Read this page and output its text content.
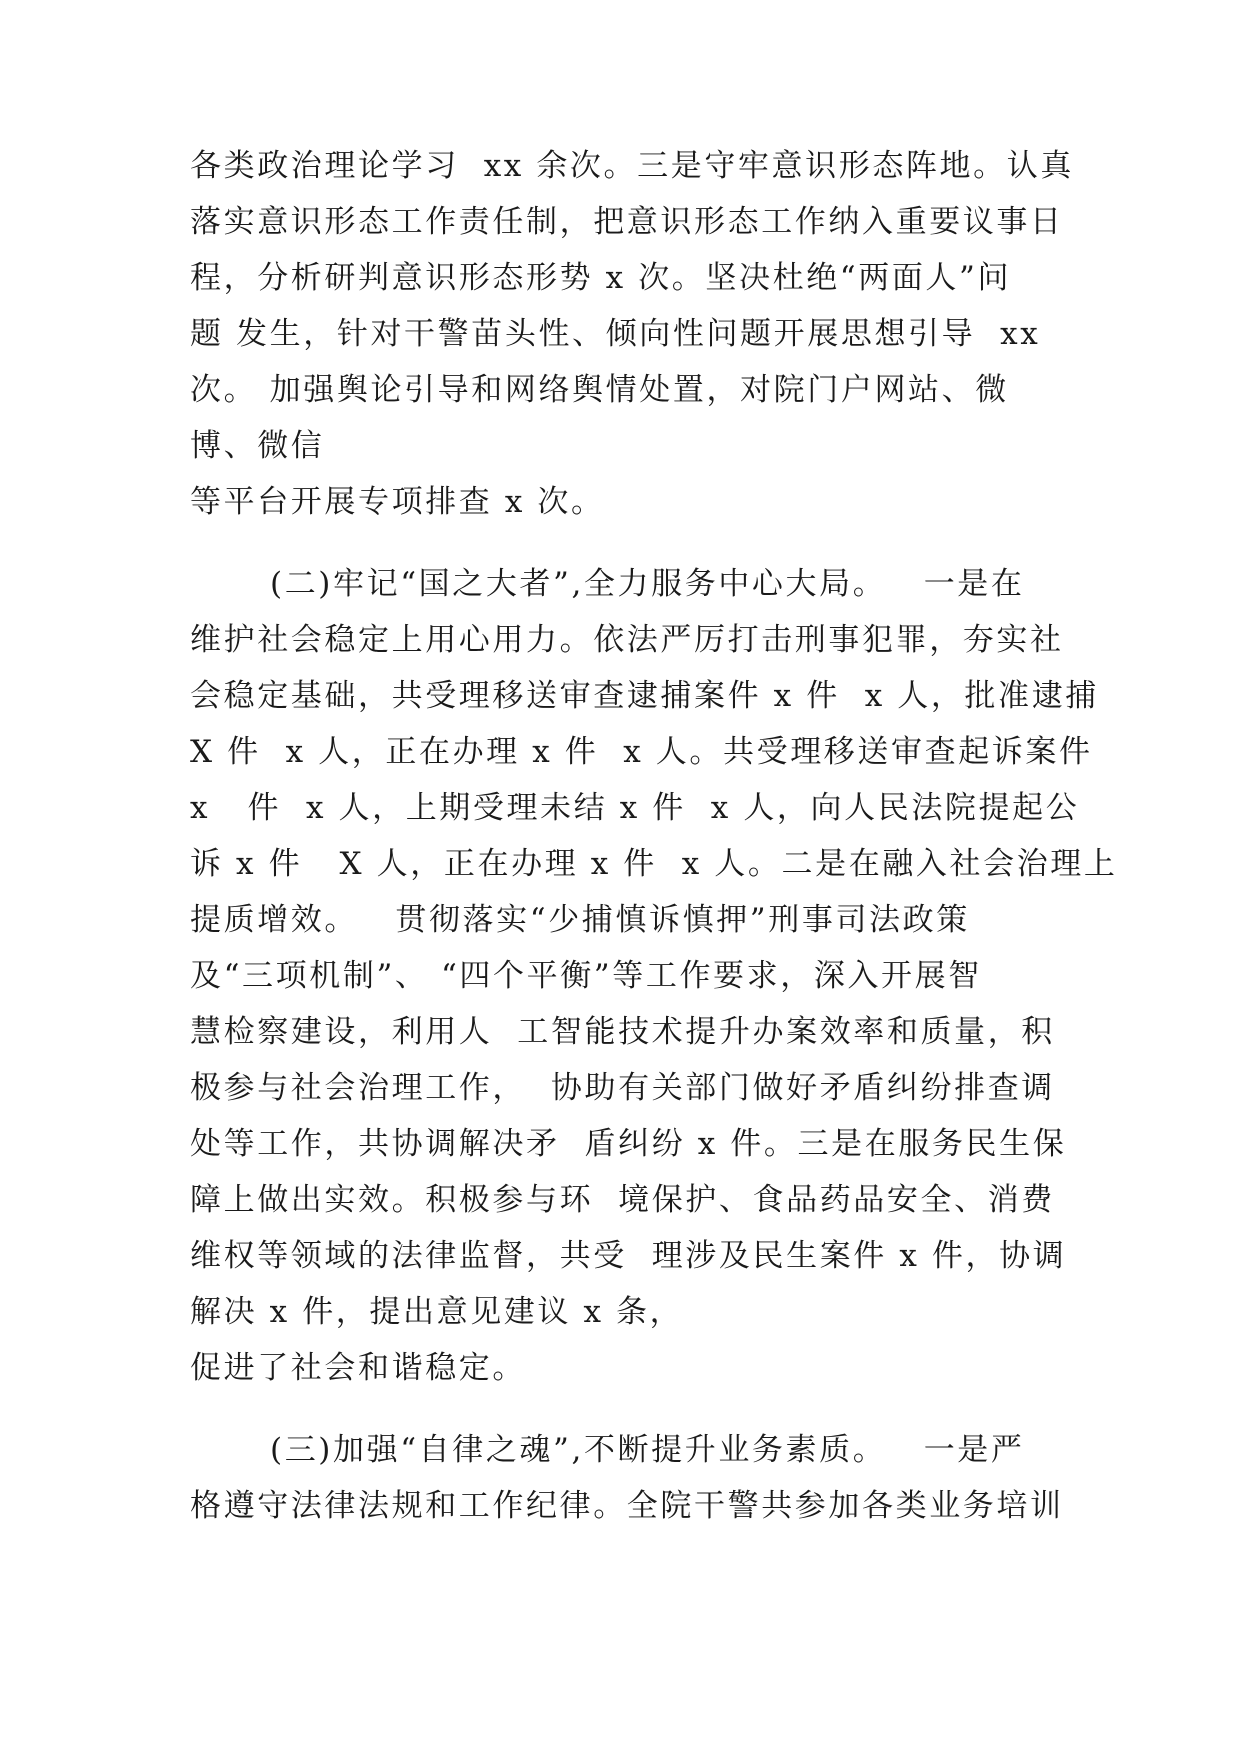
各类政治理论学习  xx 余次。三是守牢意识形态阵地。认真

落实意识形态工作责任制，把意识形态工作纳入重要议事日

程，分析研判意识形态形势 x 次。坚决杜绝“两面人”问

题 发生，针对干警苗头性、倾向性问题开展思想引导  xx

次。 加强舆论引导和网络舆情处置，对院门户网站、微

博、微信

等平台开展专项排查 x 次。

(二)牢记“国之大者”,全力服务中心大局。   一是在

维护社会稳定上用心用力。依法严厉打击刑事犯罪，夯实社

会稳定基础，共受理移送审查逮捕案件 x 件  x 人，批准逮捕

X 件  x 人，正在办理 x 件  x 人。共受理移送审查起诉案件

x   件  x 人，上期受理未结 x 件  x 人，向人民法院提起公

诉 x 件   X 人，正在办理 x 件  x 人。二是在融入社会治理上

提质增效。   贯彻落实“少捕慎诉慎押”刑事司法政策

及“三项机制”、 “四个平衡”等工作要求，深入开展智

慧检察建设，利用人  工智能技术提升办案效率和质量，积

极参与社会治理工作，  协助有关部门做好矛盾纠纷排查调

处等工作，共协调解决矛  盾纠纷 x 件。三是在服务民生保

障上做出实效。积极参与环  境保护、食品药品安全、消费

维权等领域的法律监督，共受  理涉及民生案件 x 件，协调

解决 x 件，提出意见建议 x 条，

促进了社会和谐稳定。

(三)加强“自律之魂”,不断提升业务素质。   一是严

格遵守法律法规和工作纪律。全院干警共参加各类业务培训
